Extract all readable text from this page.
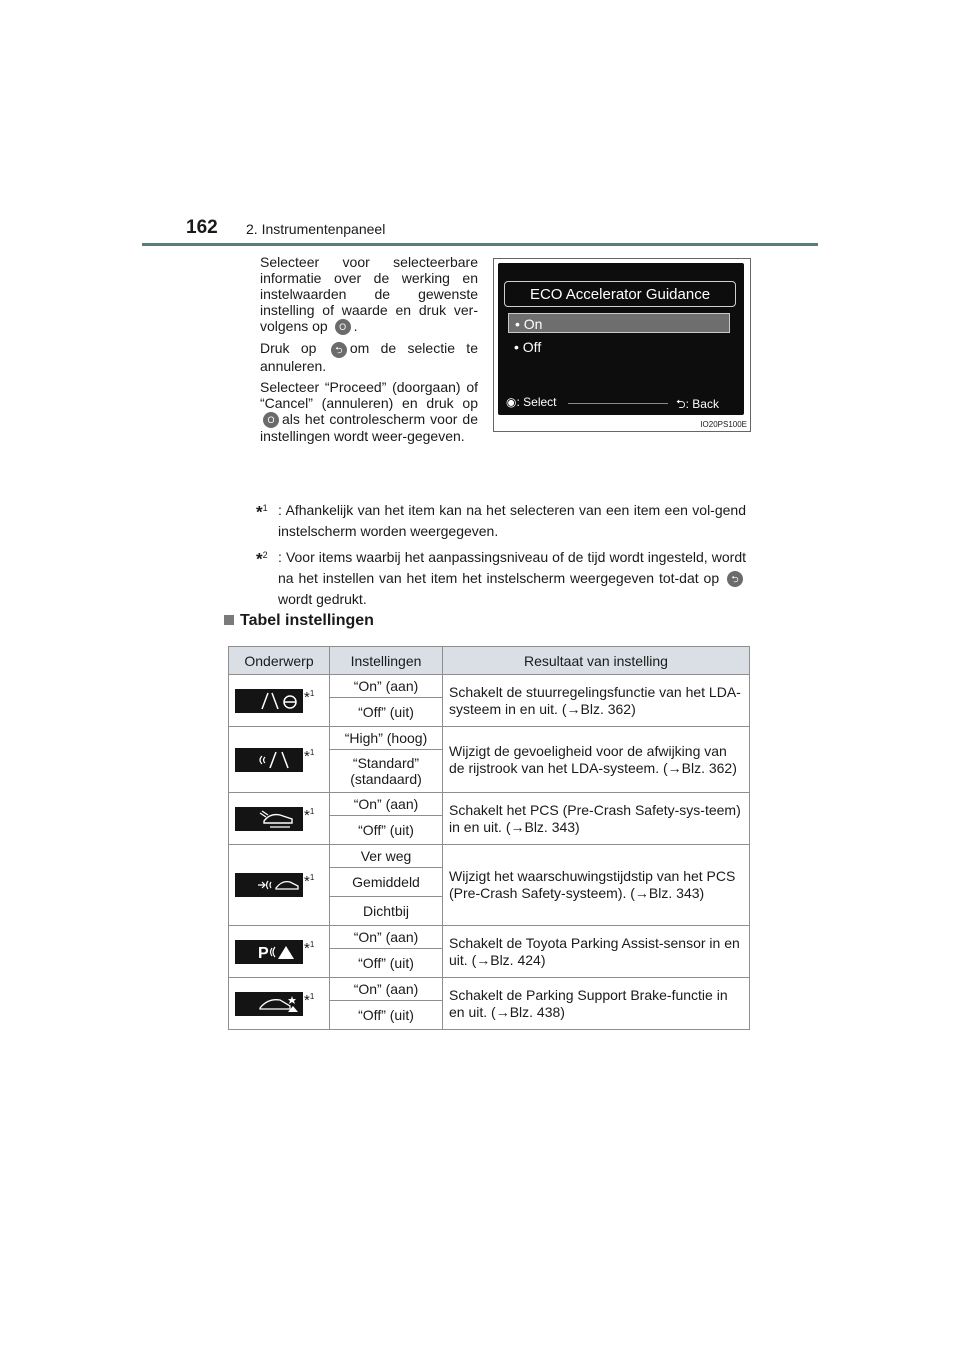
162 2. Instrumentenpaneel

Selecteer voor selecteerbare informatie over de werking en instelwaarden de gewenste instelling of waarde en druk ver-volgens op O .

Druk op ⮌ om de selectie te annuleren.

Selecteer “Proceed” (doorgaan) of “Cancel” (annuleren) en druk op O als het controlescherm voor de instellingen wordt weer-gegeven.

ECO Accelerator Guidance
• On
• Off
◉: Select	⮌: Back
IO20PS100E
*$^1$ : Afhankelijk van het item kan na het selecteren van een item een vol-gend instelscherm worden weergegeven.
*$^2$ : Voor items waarbij het aanpassingsniveau of de tijd wordt ingesteld, wordt na het instellen van het item het instelscherm weergegeven tot-dat op ⮌ wordt gedrukt.
Tabel instellingen
Onderwerp	Instellingen	Resultaat van instelling

*$^1$	“On” (aan)	Schakelt de stuurregelingsfunctie van het LDA-systeem in en uit. (→Blz. 362)
	“Off” (uit)	

*$^1$	“High” (hoog)	Wijzigt de gevoeligheid voor de afwijking van de rijstrook van het LDA-systeem. (→Blz. 362)
	“Standard” (standaard)	

*$^1$	“On” (aan)	Schakelt het PCS (Pre-Crash Safety-sys-teem) in en uit. (→Blz. 343)
	“Off” (uit)	

*$^1$	Ver weg	Wijzigt het waarschuwingstijdstip van het PCS (Pre-Crash Safety-systeem). (→Blz. 343)
	Gemiddeld	
	Dichtbij	

P *$^1$	“On” (aan)	Schakelt de Toyota Parking Assist-sensor in en uit. (→Blz. 424)
	“Off” (uit)	

*$^1$	“On” (aan)	Schakelt de Parking Support Brake-functie in en uit. (→Blz. 438)
	“Off” (uit)	
